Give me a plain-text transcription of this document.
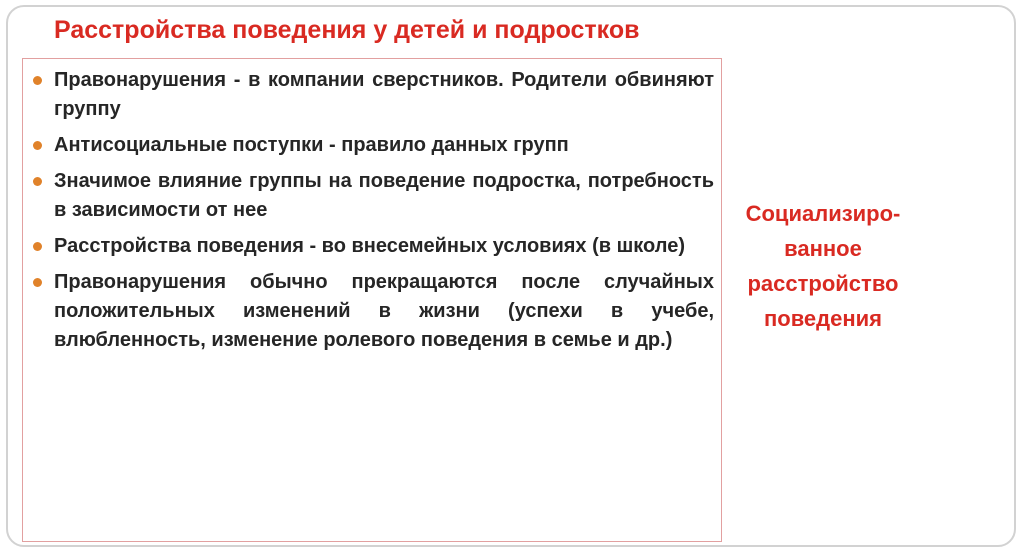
Расстройства поведения у детей и подростков
Правонарушения - в компании сверстников. Родители обвиняют группу
Антисоциальные поступки - правило данных групп
Значимое влияние группы на поведение подростка, потребность в зависимости от нее
Расстройства поведения - во внесемейных условиях (в школе)
Правонарушения обычно прекращаются после случайных положительных изменений в жизни (успехи в учебе, влюбленность, изменение ролевого поведения в семье и др.)
Социализиро-
ванное
расстройство
поведения
